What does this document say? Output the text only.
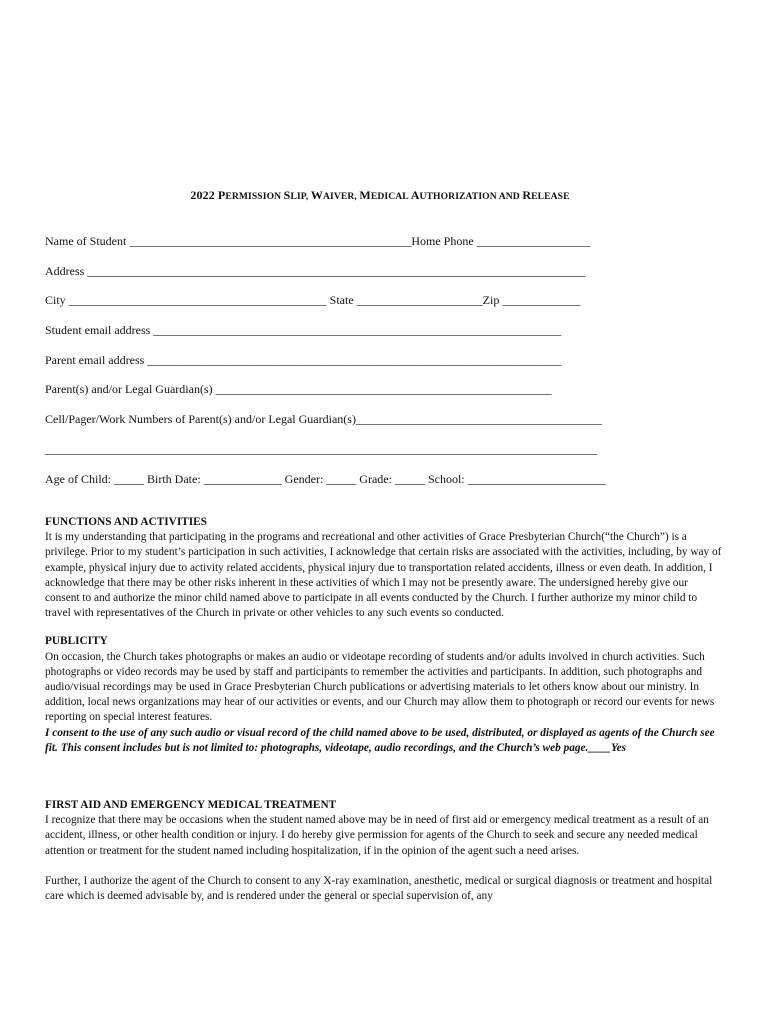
2022 PERMISSION SLIP, WAIVER, MEDICAL AUTHORIZATION AND RELEASE
Name of Student _______________________________________________Home Phone ___________________
Address ___________________________________________________________________________________
City ___________________________________________ State _____________________Zip _____________
Student email address ____________________________________________________________________
Parent email address _____________________________________________________________________
Parent(s) and/or Legal Guardian(s) ________________________________________________________
Cell/Pager/Work Numbers of Parent(s) and/or Legal Guardian(s)_________________________________________
____________________________________________________________________________________________
Age of Child: _____ Birth Date: _____________ Gender: _____ Grade: _____ School: _______________________
FUNCTIONS AND ACTIVITIES

It is my understanding that participating in the programs and recreational and other activities of Grace Presbyterian Church(“the Church”) is a privilege. Prior to my student’s participation in such activities, I acknowledge that certain risks are associated with the activities, including, by way of example, physical injury due to activity related accidents, physical injury due to transportation related accidents, illness or even death. In addition, I acknowledge that there may be other risks inherent in these activities of which I may not be presently aware. The undersigned hereby give our consent to and authorize the minor child named above to participate in all events conducted by the Church. I further authorize my minor child to travel with representatives of the Church in private or other vehicles to any such events so conducted.

PUBLICITY

On occasion, the Church takes photographs or makes an audio or videotape recording of students and/or adults involved in church activities. Such photographs or video records may be used by staff and participants to remember the activities and participants. In addition, such photographs and audio/visual recordings may be used in Grace Presbyterian Church publications or advertising materials to let others know about our ministry. In addition, local news organizations may hear of our activities or events, and our Church may allow them to photograph or record our events for news reporting on special interest features.

I consent to the use of any such audio or visual record of the child named above to be used, distributed, or displayed as agents of the Church see fit. This consent includes but is not limited to: photographs, videotape, audio recordings, and the Church’s web page.____Yes

FIRST AID AND EMERGENCY MEDICAL TREATMENT

I recognize that there may be occasions when the student named above may be in need of first aid or emergency medical treatment as a result of an accident, illness, or other health condition or injury. I do hereby give permission for agents of the Church to seek and secure any needed medical attention or treatment for the student named including hospitalization, if in the opinion of the agent such a need arises.

Further, I authorize the agent of the Church to consent to any X-ray examination, anesthetic, medical or surgical diagnosis or treatment and hospital care which is deemed advisable by, and is rendered under the general or special supervision of, any
